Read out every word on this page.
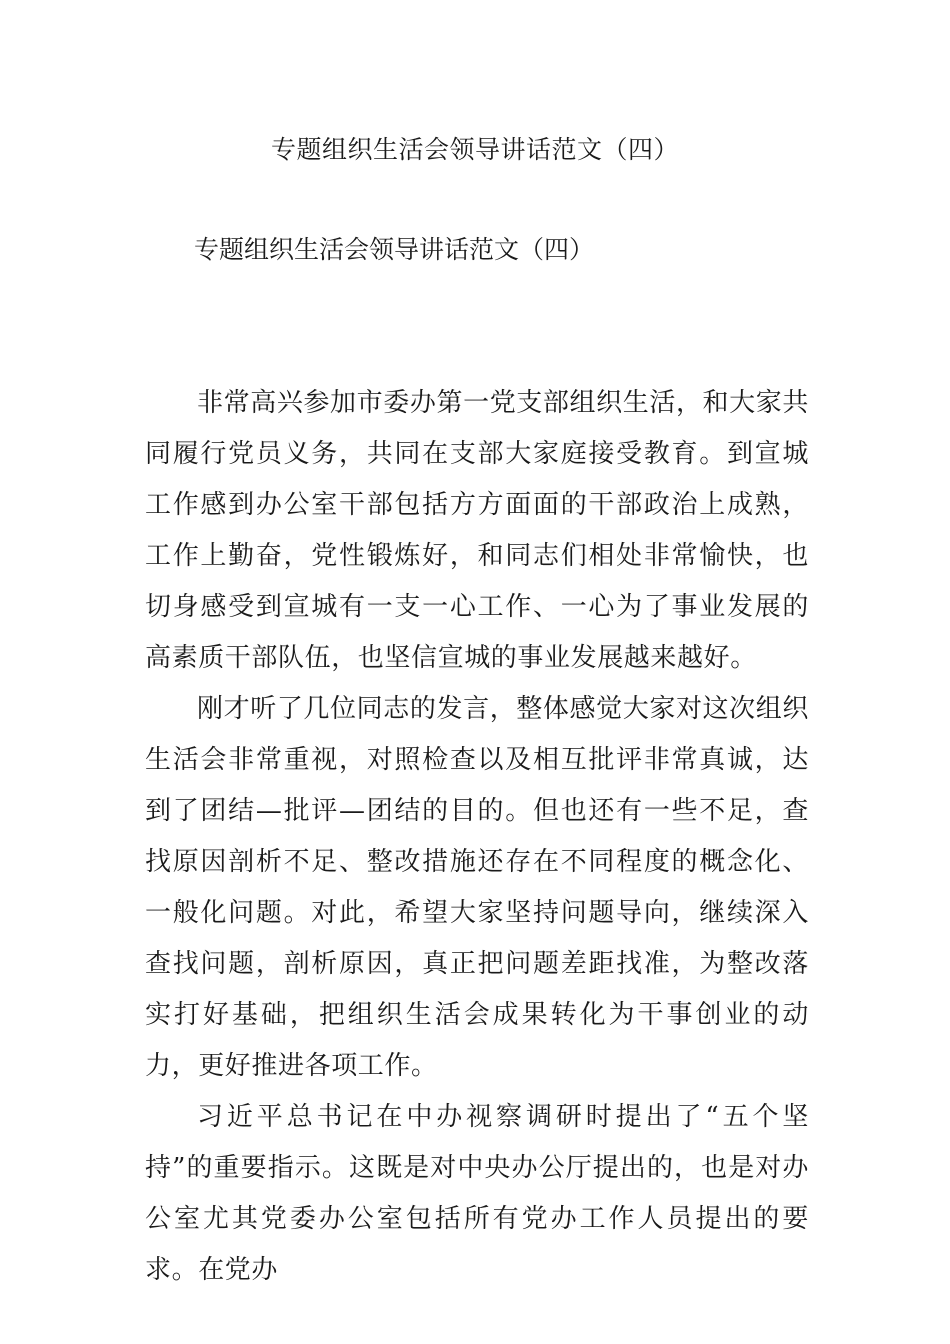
专题组织生活会领导讲话范文（四）
专题组织生活会领导讲话范文（四）

非常高兴参加市委办第一党支部组织生活，和大家共同履行党员义务，共同在支部大家庭接受教育。到宣城工作感到办公室干部包括方方面面的干部政治上成熟，工作上勤奋，党性锻炼好，和同志们相处非常愉快，也切身感受到宣城有一支一心工作、一心为了事业发展的高素质干部队伍，也坚信宣城的事业发展越来越好。

刚才听了几位同志的发言，整体感觉大家对这次组织生活会非常重视，对照检查以及相互批评非常真诚，达到了团结—批评—团结的目的。但也还有一些不足，查找原因剖析不足、整改措施还存在不同程度的概念化、一般化问题。对此，希望大家坚持问题导向，继续深入查找问题，剖析原因，真正把问题差距找准，为整改落实打好基础，把组织生活会成果转化为干事创业的动力，更好推进各项工作。

习近平总书记在中办视察调研时提出了“五个坚持”的重要指示。这既是对中央办公厅提出的，也是对办公室尤其党委办公室包括所有党办工作人员提出的要求。在党办
